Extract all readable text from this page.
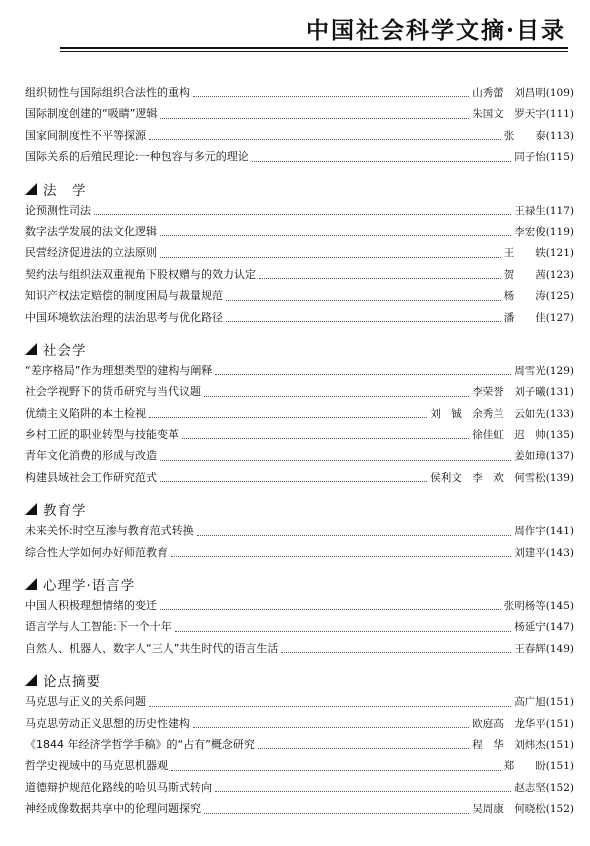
中国社会科学文摘·目录
组织韧性与国际组织合法性的重构	山秀蕾　刘昌明 (109)
国际制度创建的“吸睛”逻辑	朱国文　罗天宇 (111)
国家间制度性不平等探源	张　　泰 (113)
国际关系的后殖民理论:一种包容与多元的理论	同子怡 (115)
法　学
论预测性司法	王禄生 (117)
数字法学发展的法文化逻辑	李宏俊 (119)
民营经济促进法的立法原则	王　　轶 (121)
契约法与组织法双重视角下股权赠与的效力认定	贺　　茜 (123)
知识产权法定赔偿的制度困局与裁量规范	杨　　涛 (125)
中国环境软法治理的法治思考与优化路径	潘　　佳 (127)
社会学
“差序格局”作为理想类型的建构与阐释	周雪光 (129)
社会学视野下的货币研究与当代议题	李荣誉　刘子曦 (131)
优绩主义陷阱的本土检视	刘　铖　余秀兰　云如先 (133)
乡村工匠的职业转型与技能变革	徐佳虹　迟　帅 (135)
青年文化消费的形成与改造	姜如璋 (137)
构建县域社会工作研究范式	侯利文　李　欢　何雪松 (139)
教育学
未来关怀:时空互渗与教育范式转换	周作宇 (141)
综合性大学如何办好师范教育	刘建平 (143)
心理学·语言学
中国人积极理想情绪的变迁	张明杨等 (145)
语言学与人工智能:下一个十年	杨延宁 (147)
自然人、机器人、数字人“三人”共生时代的语言生活	王春辉 (149)
论点摘要
马克思与正义的关系问题	高广旭 (151)
马克思劳动正义思想的历史性建构	欧庭高　龙华平 (151)
《1844 年经济学哲学手稿》的“占有”概念研究	程　华　刘炜杰 (151)
哲学史视域中的马克思机器观	郑　　盼 (151)
道德辩护规范化路线的哈贝马斯式转向	赵志坚 (152)
神经成像数据共享中的伦理问题探究	吴周康　何晓松 (152)
